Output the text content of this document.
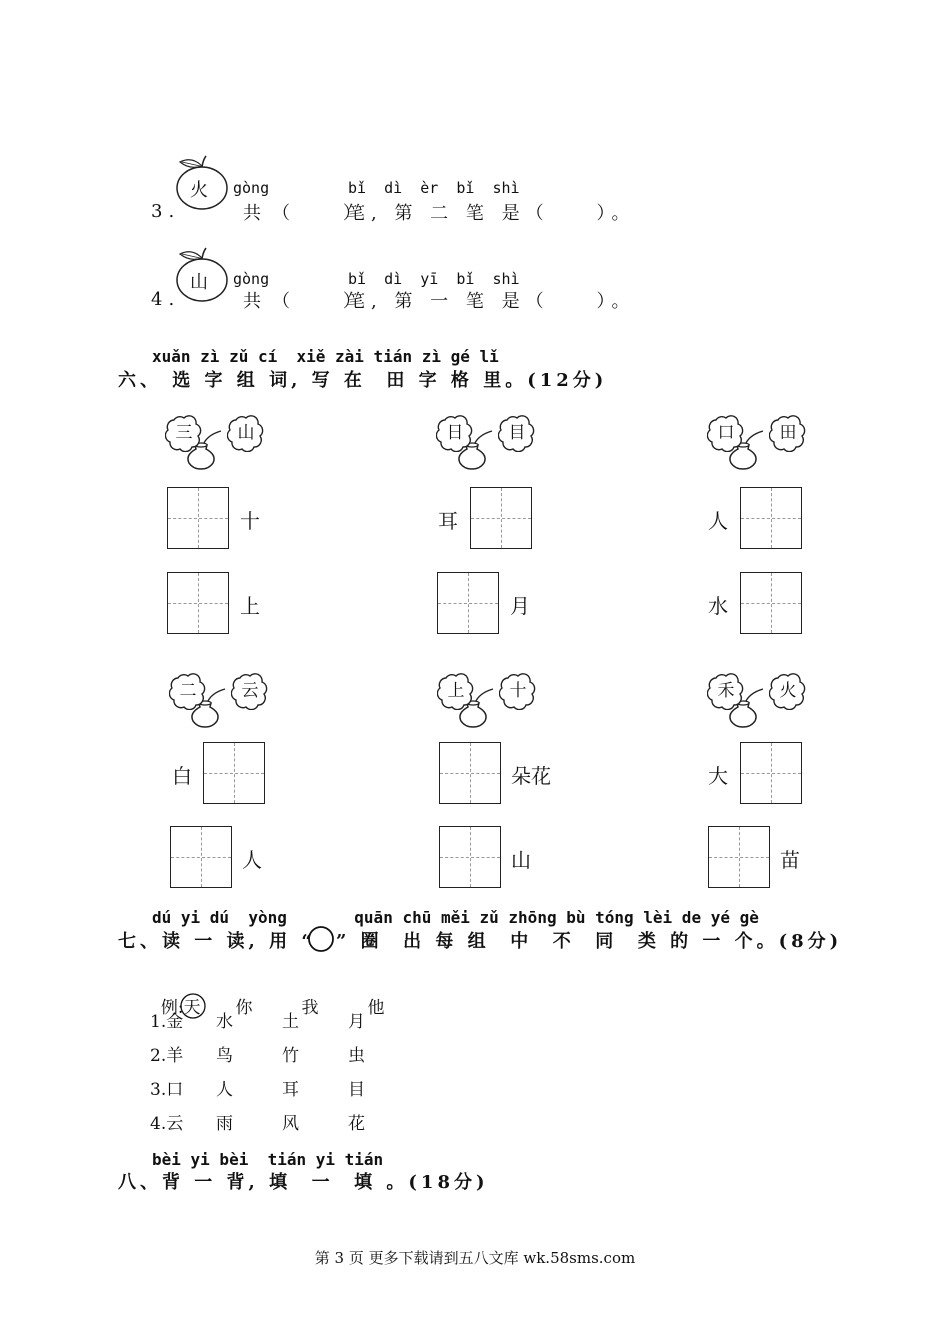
火
3.
gòng
共 （    ）
bǐ  dì  èr  bǐ  shì
笔, 第 二 笔 是（    ）。
山
4.
gòng
共 （    ）
bǐ  dì  yī  bǐ  shì
笔, 第 一 笔 是（    ）。
xuǎn zì zǔ cí  xiě zài tián zì gé lǐ
六、 选 字 组 词, 写 在  田 字 格 里。(12分)
三	山
十
上
日	目
耳
月
口	田
人
水
二	云
白
人
上	十
朵花
山
禾	火
大
苗
dú yi dú  yòng       quān chū měi zǔ zhōng bù tóng lèi de yé gè
七、读 一 读, 用 “ ” 圈  出 每 组  中  不  同  类 的 一 个。(8分)

例:天 你	我	他

1.金 水	土	月
2.羊 鸟	竹	虫
3.口 人	耳	目
4.云 雨	风	花
bèi yi bèi  tián yi tián
八、背 一 背, 填  一  填 。(18分)
第 3 页 更多下载请到五八文库 wk.58sms.com
